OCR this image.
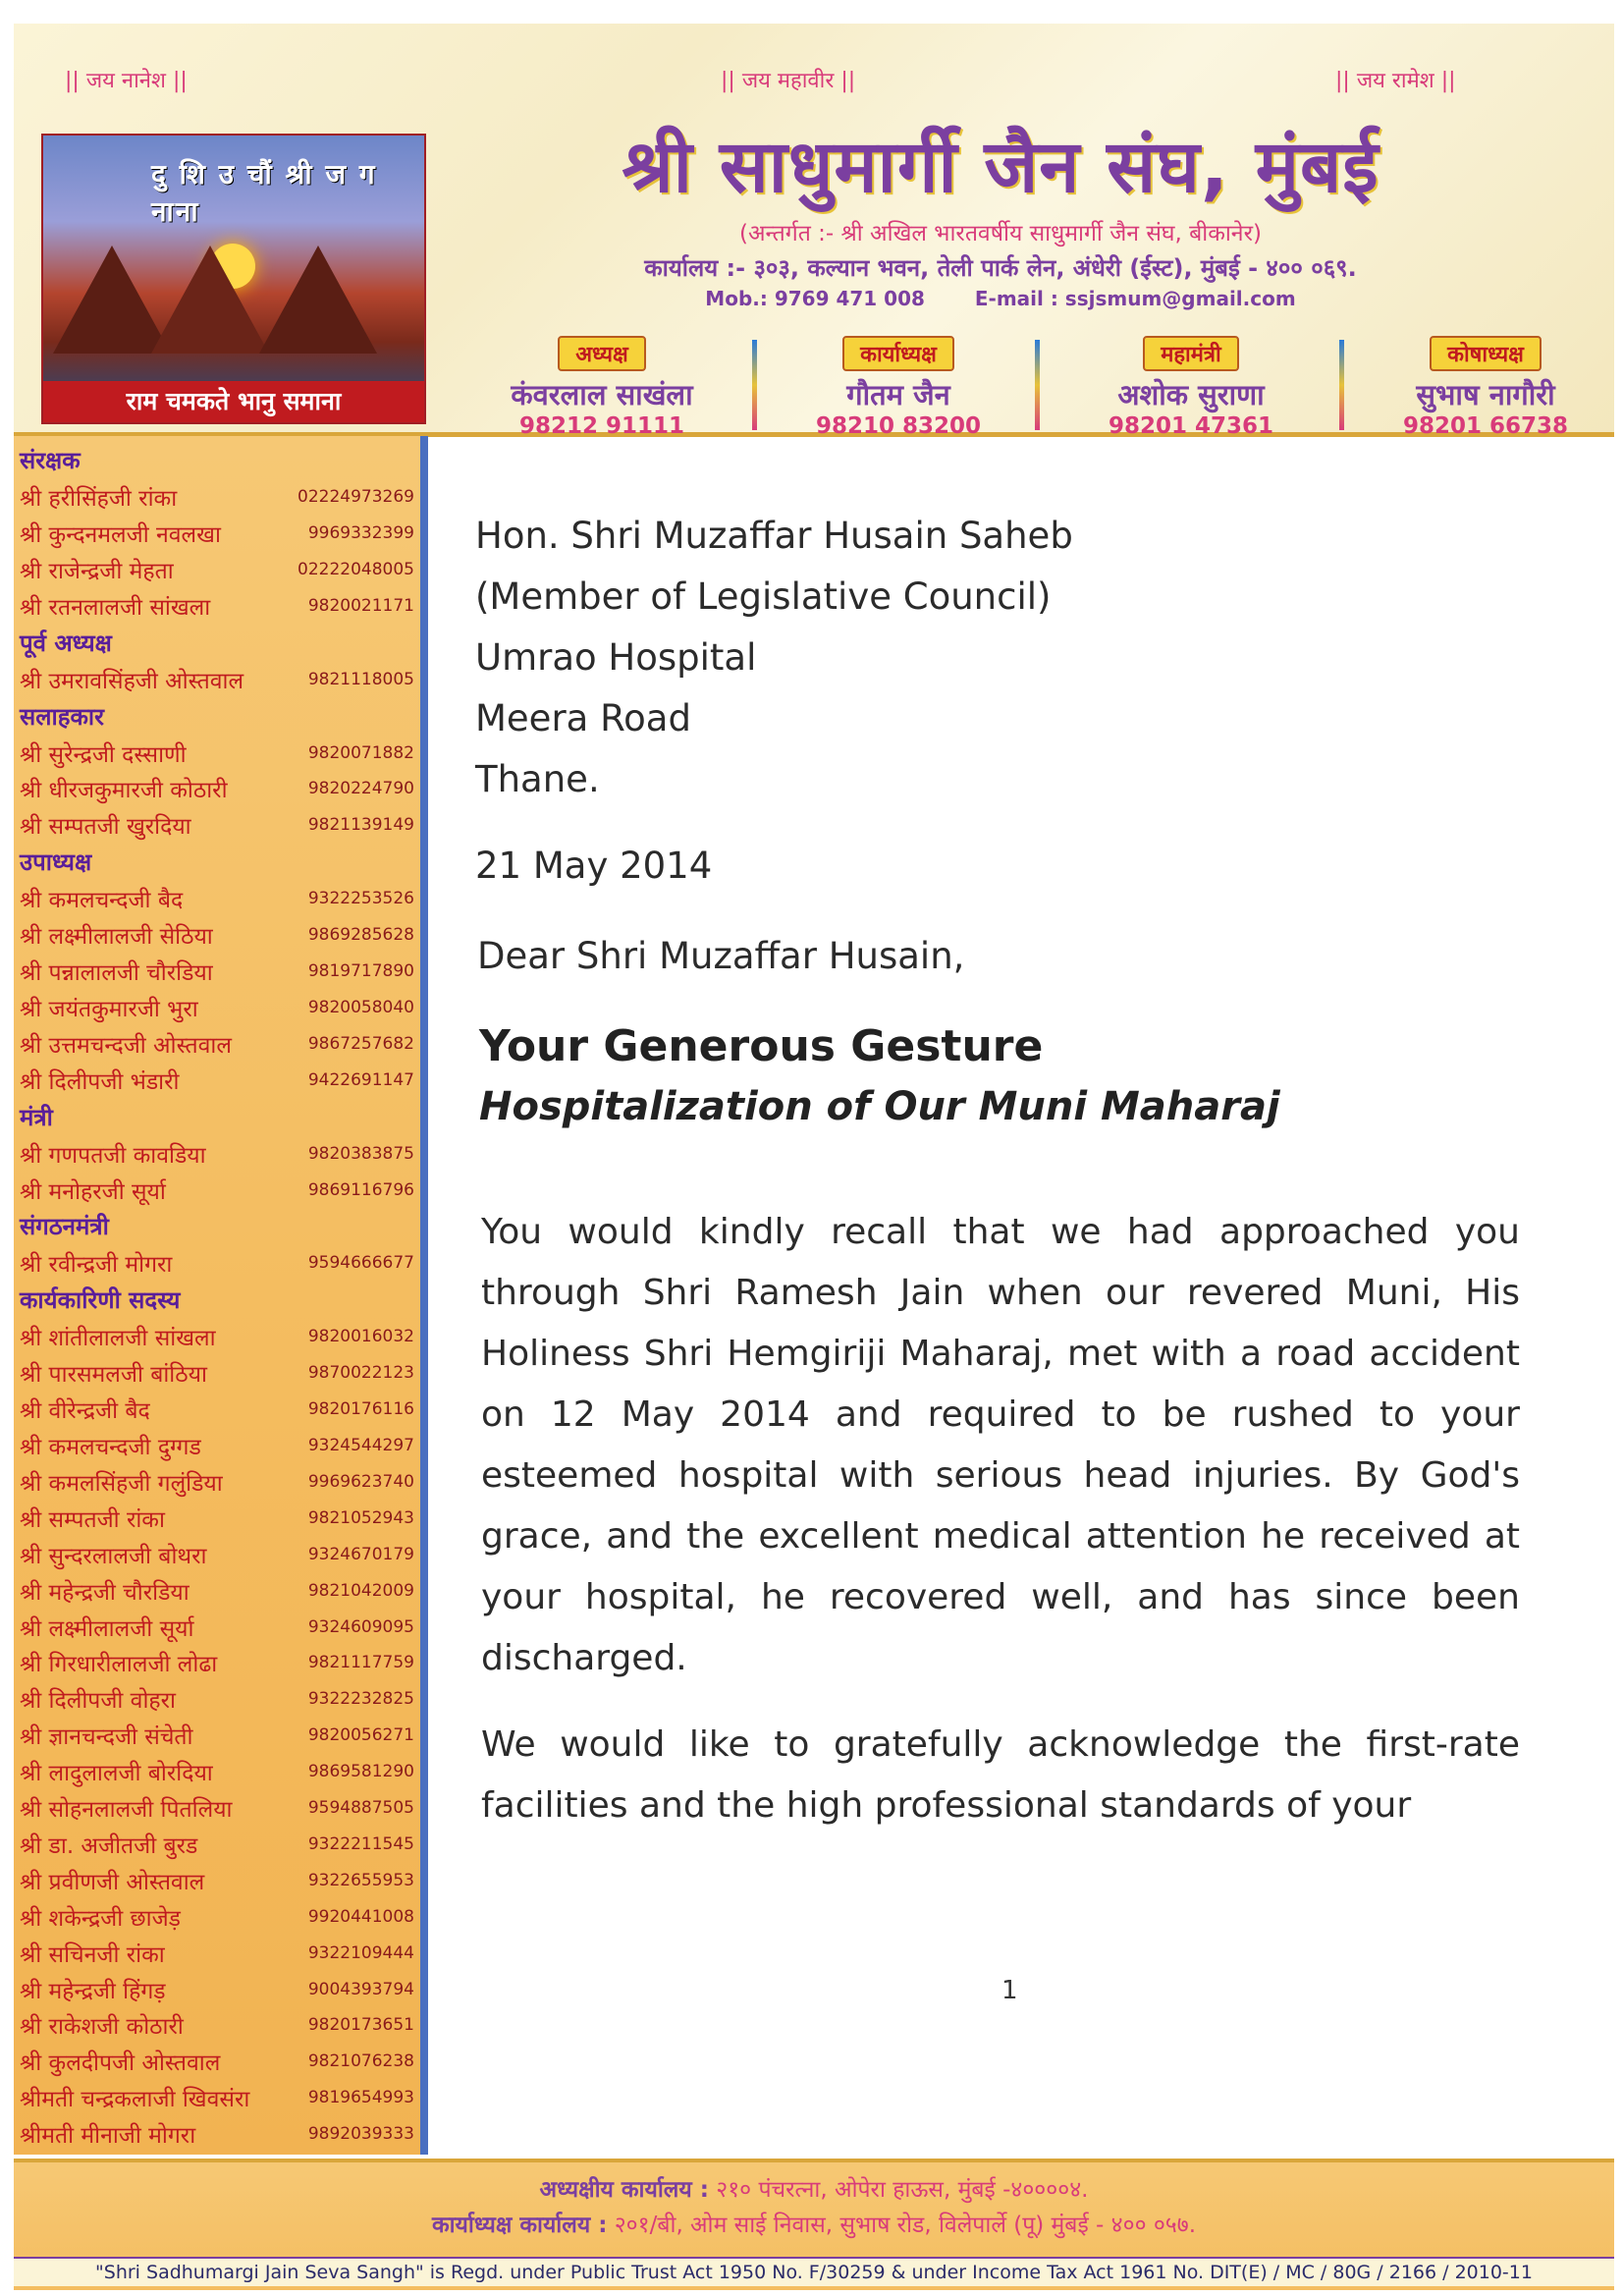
|| जय नानेश ||	|| जय महावीर ||	|| जय रामेश ||
दु शि उ चौं श्री ज ग नाना
राम चमकते भानु समाना
श्री साधुमार्गी जैन संघ, मुंबई
(अन्तर्गत :- श्री अखिल भारतवर्षीय साधुमार्गी जैन संघ, बीकानेर)
कार्यालय :- ३०३, कल्यान भवन, तेली पार्क लेन, अंधेरी (ईस्ट), मुंबई - ४०० ०६९.
Mob.: 9769 471 008	E-mail : ssjsmum@gmail.com
अध्यक्ष
कंवरलाल साखंला
98212 91111
कार्याध्यक्ष
गौतम जैन
98210 83200
महामंत्री
अशोक सुराणा
98201 47361
कोषाध्यक्ष
सुभाष नागौरी
98201 66738
संरक्षक
श्री हरीसिंहजी रांका	02224973269
श्री कुन्दनमलजी नवलखा	9969332399
श्री राजेन्द्रजी मेहता	02222048005
श्री रतनलालजी सांखला	9820021171
पूर्व अध्यक्ष
श्री उमरावसिंहजी ओस्तवाल	9821118005
सलाहकार
श्री सुरेन्द्रजी दस्साणी	9820071882
श्री धीरजकुमारजी कोठारी	9820224790
श्री सम्पतजी खुरदिया	9821139149
उपाध्यक्ष
श्री कमलचन्दजी बैद	9322253526
श्री लक्ष्मीलालजी सेठिया	9869285628
श्री पन्नालालजी चौरडिया	9819717890
श्री जयंतकुमारजी भुरा	9820058040
श्री उत्तमचन्दजी ओस्तवाल	9867257682
श्री दिलीपजी भंडारी	9422691147
मंत्री
श्री गणपतजी कावडिया	9820383875
श्री मनोहरजी सूर्या	9869116796
संगठनमंत्री
श्री रवीन्द्रजी मोगरा	9594666677
कार्यकारिणी सदस्य
श्री शांतीलालजी सांखला	9820016032
श्री पारसमलजी बांठिया	9870022123
श्री वीरेन्द्रजी बैद	9820176116
श्री कमलचन्दजी दुग्गड	9324544297
श्री कमलसिंहजी गलुंडिया	9969623740
श्री सम्पतजी रांका	9821052943
श्री सुन्दरलालजी बोथरा	9324670179
श्री महेन्द्रजी चौरडिया	9821042009
श्री लक्ष्मीलालजी सूर्या	9324609095
श्री गिरधारीलालजी लोढा	9821117759
श्री दिलीपजी वोहरा	9322232825
श्री ज्ञानचन्दजी संचेती	9820056271
श्री लादुलालजी बोरदिया	9869581290
श्री सोहनलालजी पितलिया	9594887505
श्री डा. अजीतजी बुरड	9322211545
श्री प्रवीणजी ओस्तवाल	9322655953
श्री शकेन्द्रजी छाजेड़	9920441008
श्री सचिनजी रांका	9322109444
श्री महेन्द्रजी हिंगड़	9004393794
श्री राकेशजी कोठारी	9820173651
श्री कुलदीपजी ओस्तवाल	9821076238
श्रीमती चन्द्रकलाजी खिवसंरा	9819654993
श्रीमती मीनाजी मोगरा	9892039333
Hon. Shri Muzaffar Husain Saheb
(Member of Legislative Council)
Umrao Hospital
Meera Road
Thane.
21 May 2014
Dear Shri Muzaffar Husain,
Your Generous Gesture
Hospitalization of Our Muni Maharaj
You would kindly recall that we had approached you through Shri Ramesh Jain when our revered Muni, His Holiness Shri Hemgiriji Maharaj, met with a road accident on 12 May 2014 and required to be rushed to your esteemed hospital with serious head injuries. By God's grace, and the excellent medical attention he received at your hospital, he recovered well, and has since been discharged.
We would like to gratefully acknowledge the first-rate facilities and the high professional standards of your
1
अध्यक्षीय कार्यालय : २१० पंचरत्ना, ओपेरा हाऊस, मुंबई -४००००४.
कार्याध्यक्ष कार्यालय : २०१/बी, ओम साई निवास, सुभाष रोड, विलेपार्ले (पू) मुंबई - ४०० ०५७.
"Shri Sadhumargi Jain Seva Sangh" is Regd. under Public Trust Act 1950 No. F/30259 & under Income Tax Act 1961 No. DIT(E) / MC / 80G / 2166 / 2010-11
